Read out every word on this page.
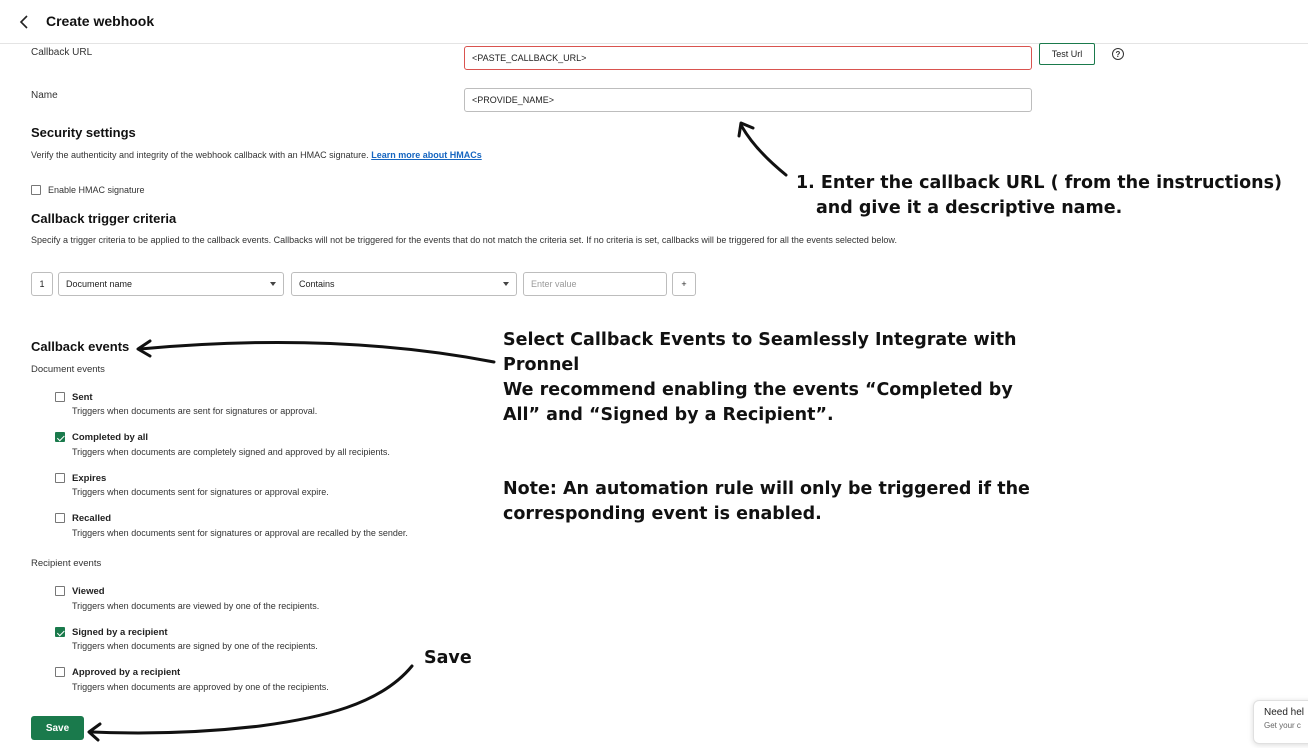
Create webhook
Callback URL	<PASTE_CALLBACK_URL>	Test Url	?
Name	<PROVIDE_NAME>
Security settings
Verify the authenticity and integrity of the webhook callback with an HMAC signature. Learn more about HMACs
Enable HMAC signature
Callback trigger criteria
Specify a trigger criteria to be applied to the callback events. Callbacks will not be triggered for the events that do not match the criteria set. If no criteria is set, callbacks will be triggered for all the events selected below.
1	Document name	Contains	Enter value	+
Callback events
Document events
Sent
Triggers when documents are sent for signatures or approval.
Completed by all
Triggers when documents are completely signed and approved by all recipients.
Expires
Triggers when documents sent for signatures or approval expire.
Recalled
Triggers when documents sent for signatures or approval are recalled by the sender.
Recipient events
Viewed
Triggers when documents are viewed by one of the recipients.
Signed by a recipient
Triggers when documents are signed by one of the recipients.
Approved by a recipient
Triggers when documents are approved by one of the recipients.
Save
1. Enter the callback URL ( from the instructions)
and give it a descriptive name.
Select Callback Events to Seamlessly Integrate with
Pronnel
We recommend enabling the events “Completed by
All” and “Signed by a Recipient”.
Note: An automation rule will only be triggered if the
corresponding event is enabled.
Save
Need hel
Get your c
